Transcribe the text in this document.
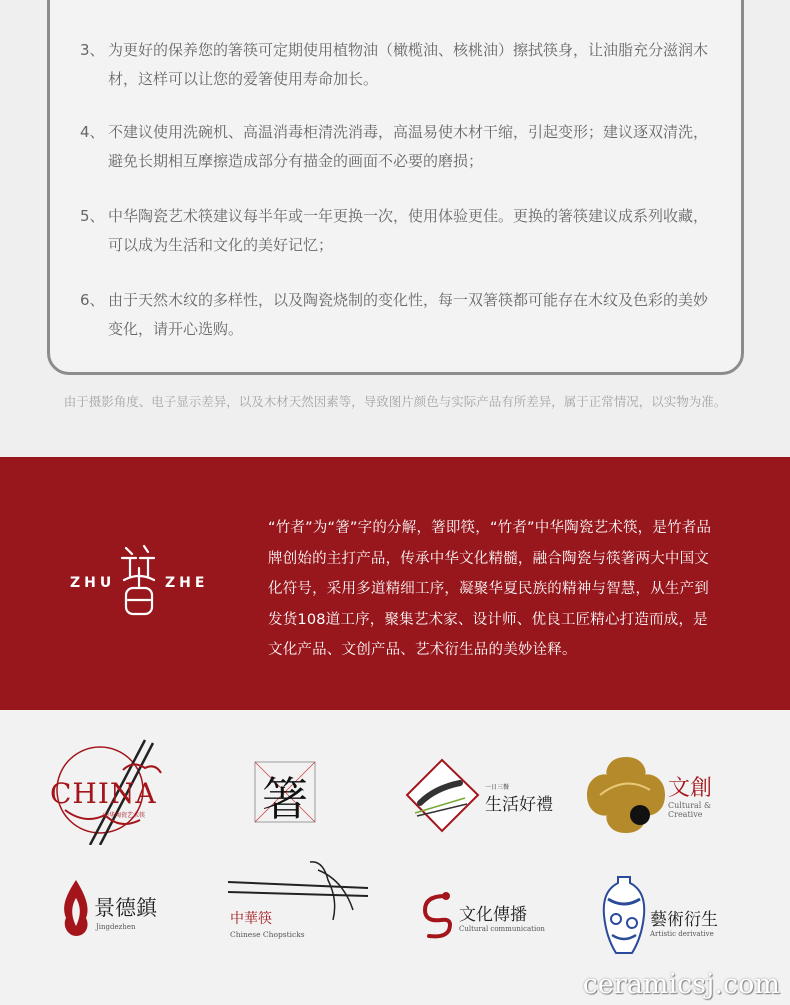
3、 为更好的保养您的箸筷可定期使用植物油（橄榄油、核桃油）擦拭筷身，让油脂充分滋润木材，这样可以让您的爱箸使用寿命加长。
4、 不建议使用洗碗机、高温消毒柜清洗消毒，高温易使木材干缩，引起变形；建议逐双清洗，避免长期相互摩擦造成部分有描金的画面不必要的磨损；
5、 中华陶瓷艺术筷建议每半年或一年更换一次，使用体验更佳。更换的箸筷建议成系列收藏，可以成为生活和文化的美好记忆；
6、 由于天然木纹的多样性，以及陶瓷烧制的变化性，每一双箸筷都可能存在木纹及色彩的美妙变化，请开心选购。
由于摄影角度、电子显示差异，以及木材天然因素等，导致图片颜色与实际产品有所差异，属于正常情况，以实物为准。
ZHU	ZHE

“竹者”为“箸”字的分解，箸即筷，“竹者”中华陶瓷艺术筷，是竹者品牌创始的主打产品，传承中华文化精髓，融合陶瓷与筷箸两大中国文化符号，采用多道精细工序，凝聚华夏民族的精神与智慧，从生产到发货108道工序，聚集艺术家、设计师、优良工匠精心打造而成，是文化产品、文创产品、艺术衍生品的美妙诠释。

CHINA
中华陶瓷艺术筷	箸	一日三餐
生活好禮
文創
Cultural & Creative
景德鎮
Jingdezhen	中華筷
Chinese Chopsticks
文化傳播
Cultural communication	藝術衍生
Artistic derivative
ceramicsj.com
